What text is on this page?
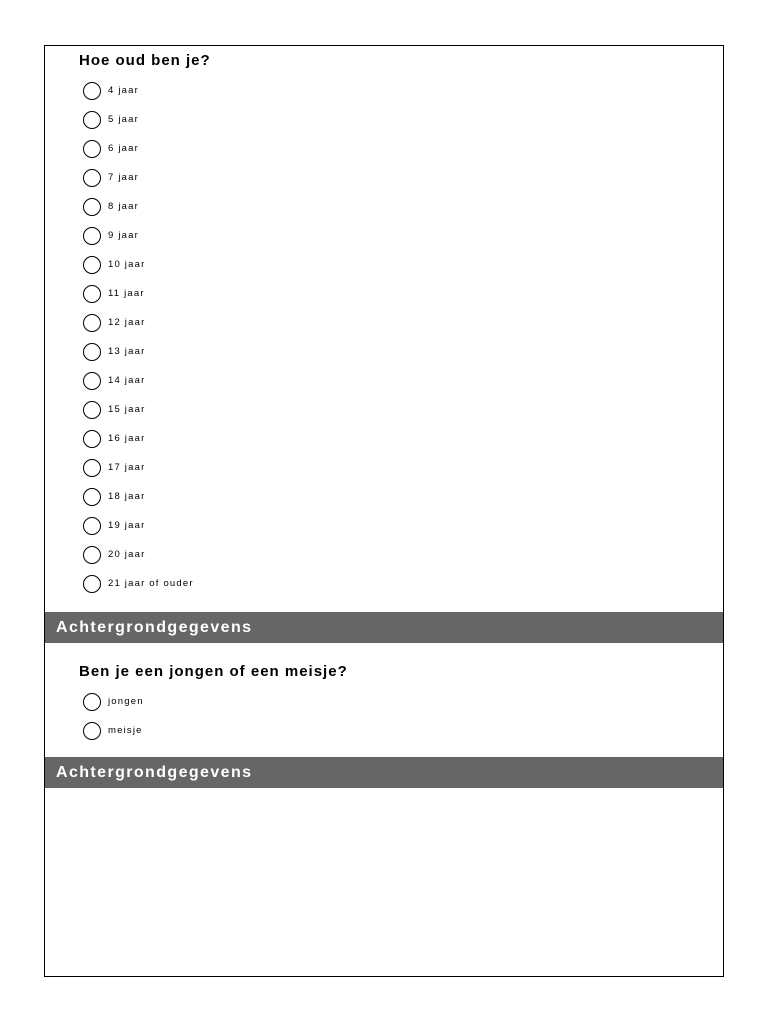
Hoe oud ben je?
4 jaar
5 jaar
6 jaar
7 jaar
8 jaar
9 jaar
10 jaar
11 jaar
12 jaar
13 jaar
14 jaar
15 jaar
16 jaar
17 jaar
18 jaar
19 jaar
20 jaar
21 jaar of ouder
Achtergrondgegevens
Ben je een jongen of een meisje?
jongen
meisje
Achtergrondgegevens
